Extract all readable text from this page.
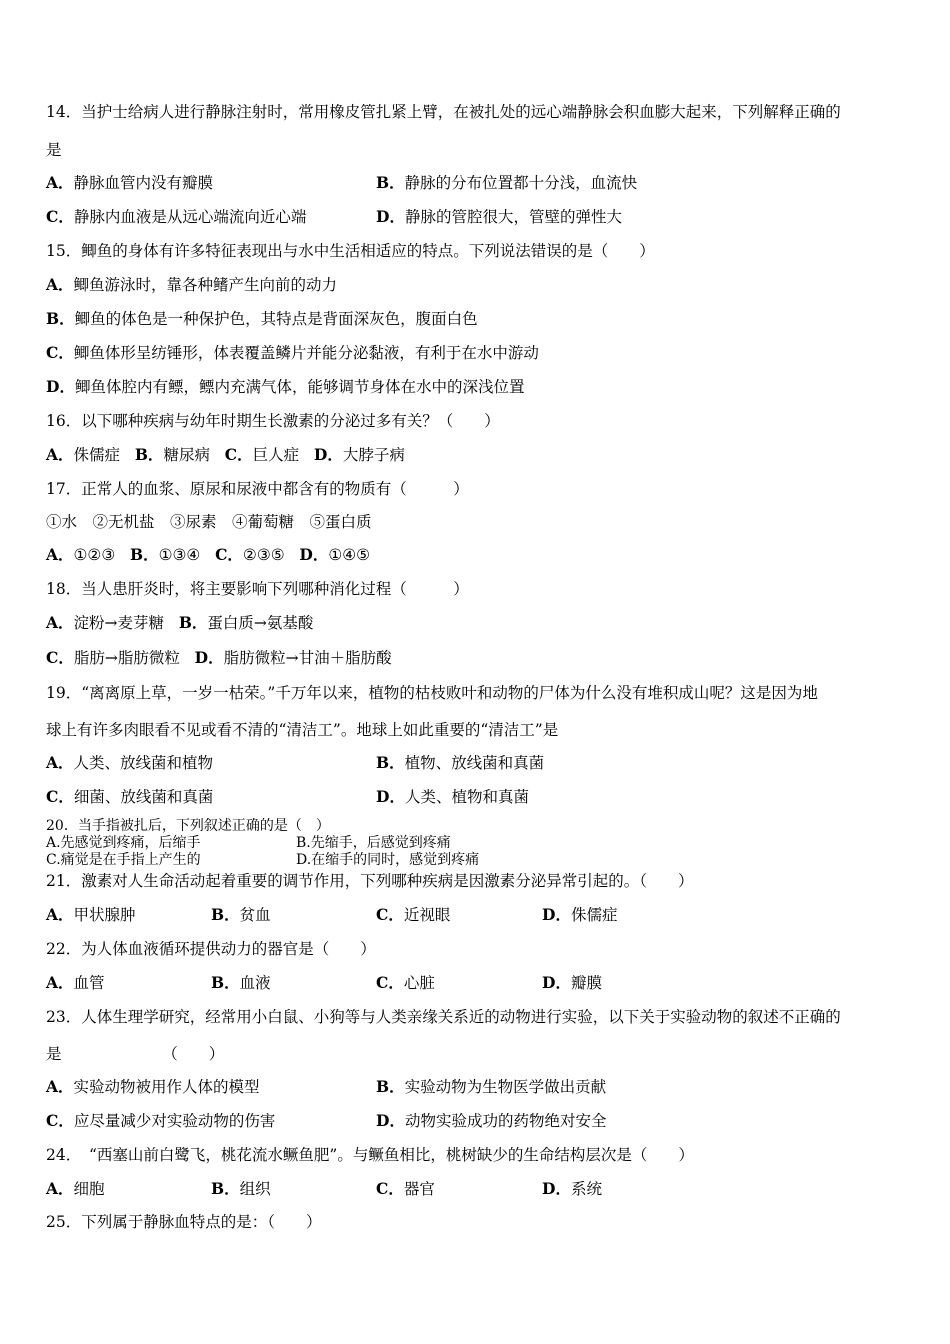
14．当护士给病人进行静脉注射时，常用橡皮管扎紧上臂，在被扎处的远心端静脉会积血膨大起来，下列解释正确的
是
A．静脉血管内没有瓣膜	B．静脉的分布位置都十分浅，血流快
C．静脉内血液是从远心端流向近心端	D．静脉的管腔很大，管壁的弹性大
15．鲫鱼的身体有许多特征表现出与水中生活相适应的特点。下列说法错误的是（　　）
A．鲫鱼游泳时，靠各种鳍产生向前的动力
B．鲫鱼的体色是一种保护色，其特点是背面深灰色，腹面白色
C．鲫鱼体形呈纺锤形，体表覆盖鳞片并能分泌黏液，有利于在水中游动
D．鲫鱼体腔内有鳔，鳔内充满气体，能够调节身体在水中的深浅位置
16．以下哪种疾病与幼年时期生长激素的分泌过多有关？（　　）
A．侏儒症 B．糖尿病 C．巨人症 D．大脖子病
17．正常人的血浆、原尿和尿液中都含有的物质有（　　　）
①水　②无机盐　③尿素　④葡萄糖　⑤蛋白质
A．①②③ B．①③④ C．②③⑤ D．①④⑤
18．当人患肝炎时，将主要影响下列哪种消化过程（　　　）
A．淀粉→麦芽糖 B．蛋白质→氨基酸
C．脂肪→脂肪微粒 D．脂肪微粒→甘油＋脂肪酸
19．“离离原上草，一岁一枯荣。”千万年以来，植物的枯枝败叶和动物的尸体为什么没有堆积成山呢？这是因为地
球上有许多肉眼看不见或看不清的“清洁工”。地球上如此重要的“清洁工”是
A．人类、放线菌和植物	B．植物、放线菌和真菌
C．细菌、放线菌和真菌	D．人类、植物和真菌
20．当手指被扎后，下列叙述正确的是（　）
A.先感觉到疼痛，后缩手	B.先缩手，后感觉到疼痛
C.痛觉是在手指上产生的	D.在缩手的同时，感觉到疼痛
21．激素对人生命活动起着重要的调节作用，下列哪种疾病是因激素分泌异常引起的。（　　）
A．甲状腺肿	B．贫血	C．近视眼	D．侏儒症
22．为人体血液循环提供动力的器官是（　　）
A．血管	B．血液	C．心脏	D．瓣膜
23．人体生理学研究，经常用小白鼠、小狗等与人类亲缘关系近的动物进行实验，以下关于实验动物的叙述不正确的
是　　　　　　　（　　）
A．实验动物被用作人体的模型	B．实验动物为生物医学做出贡献
C．应尽量减少对实验动物的伤害	D．动物实验成功的药物绝对安全
24．　“西塞山前白鹭飞，桃花流水鳜鱼肥”。与鳜鱼相比，桃树缺少的生命结构层次是（　　）
A．细胞	B．组织	C．器官	D．系统
25．下列属于静脉血特点的是：（　　）
